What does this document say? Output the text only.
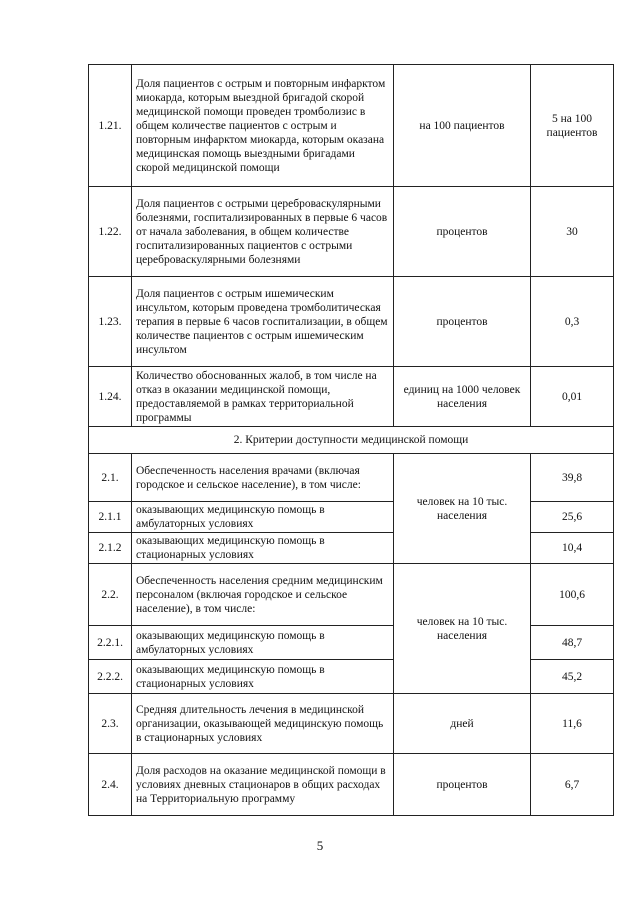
1.21.	Доля пациентов с острым и повторным инфарктом миокарда, которым выездной бригадой скорой медицинской помощи проведен тромболизис в общем количестве пациентов с острым и повторным инфарктом миокарда, которым оказана медицинская помощь выездными бригадами скорой медицинской помощи	на 100 пациентов	5 на 100 пациентов
1.22.	Доля пациентов с острыми цереброваскулярными болезнями, госпитализированных в первые 6 часов от начала заболевания, в общем количестве госпитализированных пациентов с острыми цереброваскулярными болезнями	процентов	30
1.23.	Доля пациентов с острым ишемическим инсультом, которым проведена тромболитическая терапия в первые 6 часов госпитализации, в общем количестве пациентов с острым ишемическим инсультом	процентов	0,3
1.24.	Количество обоснованных жалоб, в том числе на отказ в оказании медицинской помощи, предоставляемой в рамках территориальной программы	единиц на 1000 человек населения	0,01
2. Критерии доступности медицинской помощи			
2.1.	Обеспеченность населения врачами (включая городское и сельское население), в том числе:	человек на 10 тыс. населения	39,8
2.1.1	оказывающих медицинскую помощь в амбулаторных условиях		25,6
2.1.2	оказывающих медицинскую помощь в стационарных условиях		10,4
2.2.	Обеспеченность населения средним медицинским персоналом (включая городское и сельское население), в том числе:	человек на 10 тыс. населения	100,6
2.2.1.	оказывающих медицинскую помощь в амбулаторных условиях		48,7
2.2.2.	оказывающих медицинскую помощь в стационарных условиях		45,2
2.3.	Средняя длительность лечения в медицинской организации, оказывающей медицинскую помощь в стационарных условиях	дней	11,6
2.4.	Доля расходов на оказание медицинской помощи в условиях дневных стационаров в общих расходах на Территориальную программу	процентов	6,7
5
